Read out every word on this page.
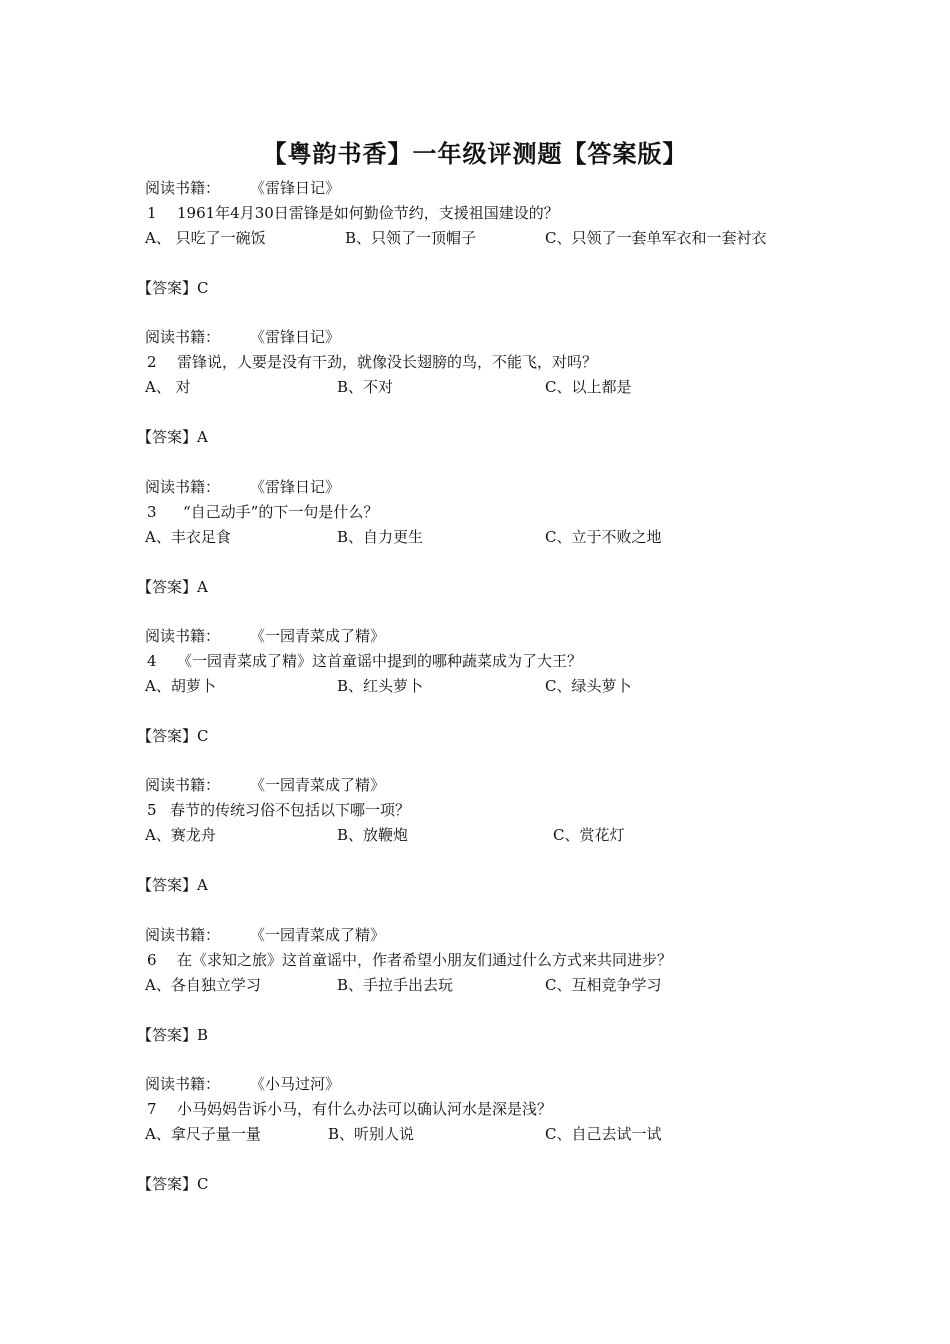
【粤韵书香】一年级评测题【答案版】
阅读书籍： 《雷锋日记》
1 1961年4月30日雷锋是如何勤俭节约，支援祖国建设的？
A、 只吃了一碗饭	B、只领了一顶帽子	C、只领了一套单军衣和一套衬衣
【答案】C
阅读书籍： 《雷锋日记》
2 雷锋说，人要是没有干劲，就像没长翅膀的鸟，不能飞，对吗？
A、 对	B、不对	C、以上都是
【答案】A
阅读书籍： 《雷锋日记》
3 “自己动手”的下一句是什么？
A、丰衣足食	B、自力更生	C、立于不败之地
【答案】A
阅读书籍： 《一园青菜成了精》
4 《一园青菜成了精》这首童谣中提到的哪种蔬菜成为了大王？
A、胡萝卜	B、红头萝卜	C、绿头萝卜
【答案】C
阅读书籍： 《一园青菜成了精》
5 春节的传统习俗不包括以下哪一项？
A、赛龙舟	B、放鞭炮	C、赏花灯
【答案】A
阅读书籍： 《一园青菜成了精》
6 在《求知之旅》这首童谣中，作者希望小朋友们通过什么方式来共同进步？
A、各自独立学习	B、手拉手出去玩	C、互相竞争学习
【答案】B
阅读书籍： 《小马过河》
7 小马妈妈告诉小马，有什么办法可以确认河水是深是浅？
A、拿尺子量一量	B、听别人说	C、自己去试一试
【答案】C
